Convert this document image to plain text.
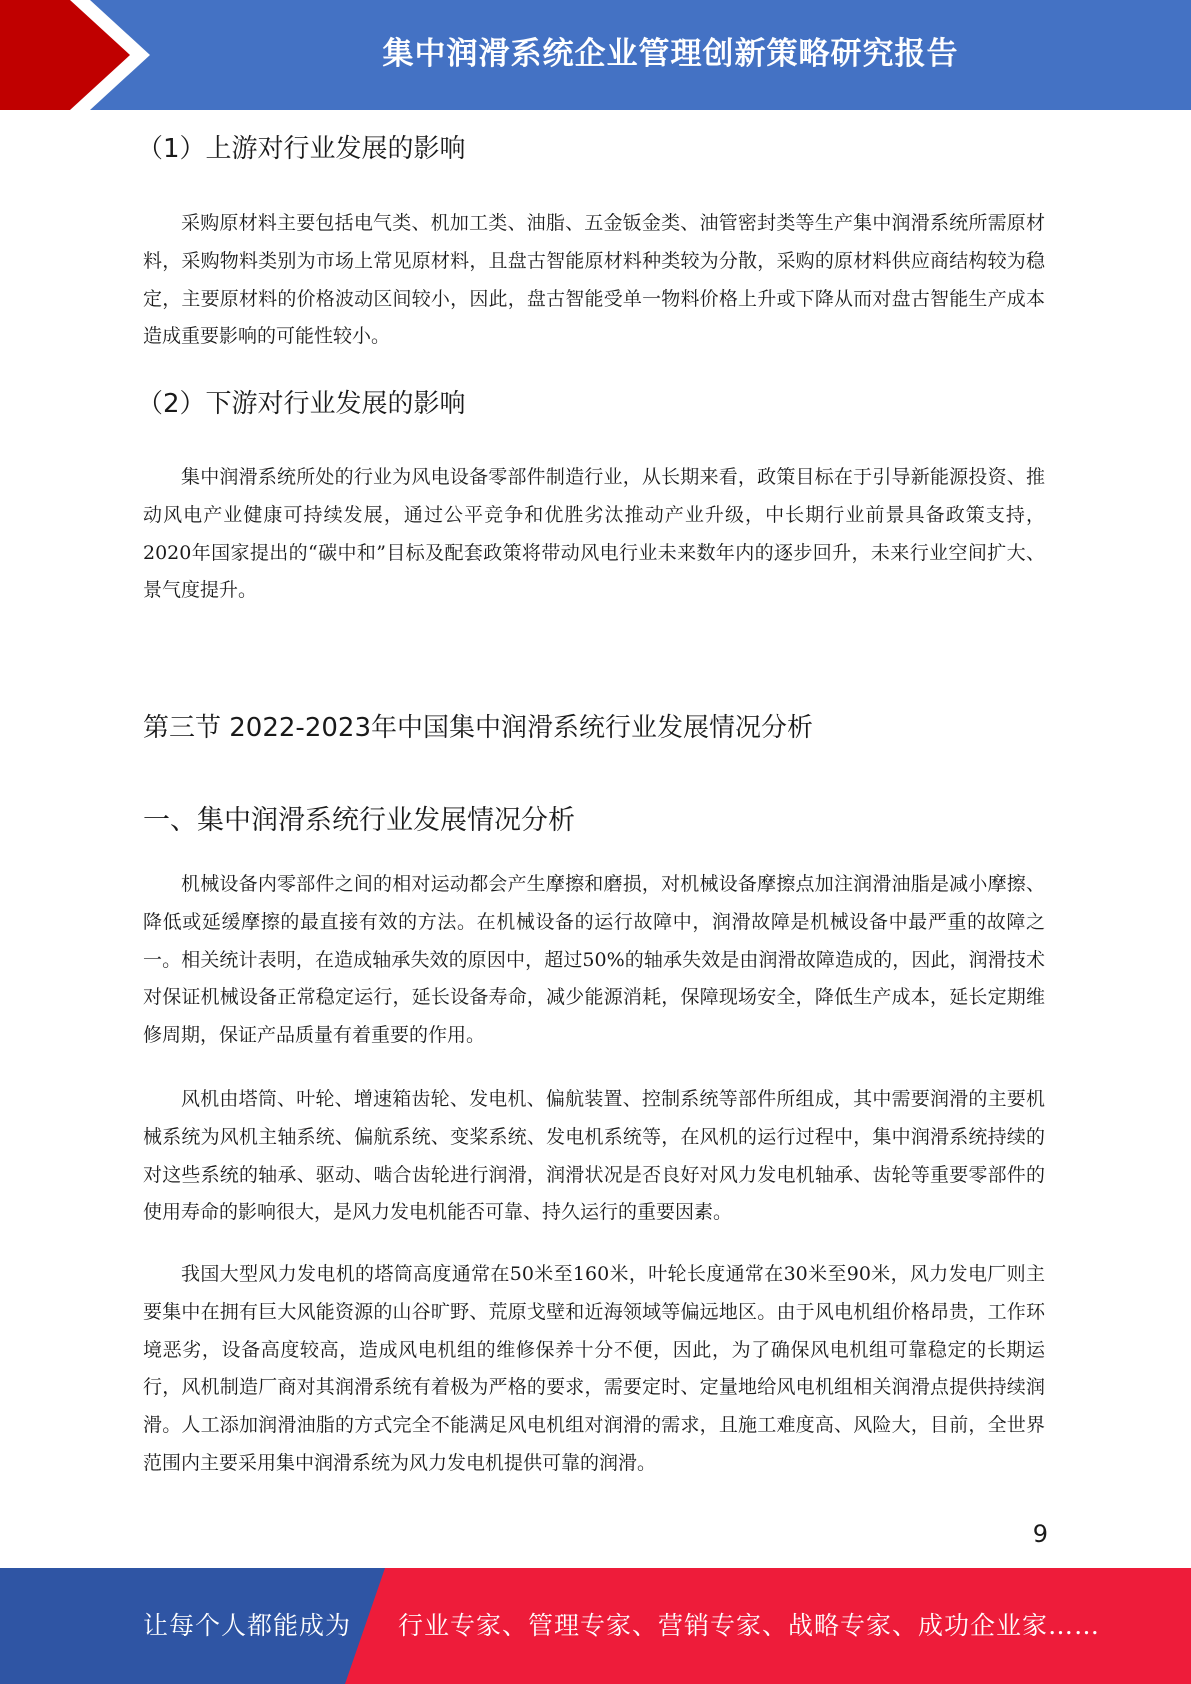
集中润滑系统企业管理创新策略研究报告
（1）上游对行业发展的影响

采购原材料主要包括电气类、机加工类、油脂、五金钣金类、油管密封类等生产集中润滑系统所需原材料，采购物料类别为市场上常见原材料，且盘古智能原材料种类较为分散，采购的原材料供应商结构较为稳定，主要原材料的价格波动区间较小，因此，盘古智能受单一物料价格上升或下降从而对盘古智能生产成本造成重要影响的可能性较小。

（2）下游对行业发展的影响

集中润滑系统所处的行业为风电设备零部件制造行业，从长期来看，政策目标在于引导新能源投资、推动风电产业健康可持续发展，通过公平竞争和优胜劣汰推动产业升级，中长期行业前景具备政策支持，2020年国家提出的“碳中和”目标及配套政策将带动风电行业未来数年内的逐步回升，未来行业空间扩大、景气度提升。

第三节 2022-2023年中国集中润滑系统行业发展情况分析
一、集中润滑系统行业发展情况分析

机械设备内零部件之间的相对运动都会产生摩擦和磨损，对机械设备摩擦点加注润滑油脂是减小摩擦、降低或延缓摩擦的最直接有效的方法。在机械设备的运行故障中，润滑故障是机械设备中最严重的故障之一。相关统计表明，在造成轴承失效的原因中，超过50%的轴承失效是由润滑故障造成的，因此，润滑技术对保证机械设备正常稳定运行，延长设备寿命，减少能源消耗，保障现场安全，降低生产成本，延长定期维修周期，保证产品质量有着重要的作用。

风机由塔筒、叶轮、增速箱齿轮、发电机、偏航装置、控制系统等部件所组成，其中需要润滑的主要机械系统为风机主轴系统、偏航系统、变桨系统、发电机系统等，在风机的运行过程中，集中润滑系统持续的对这些系统的轴承、驱动、啮合齿轮进行润滑，润滑状况是否良好对风力发电机轴承、齿轮等重要零部件的使用寿命的影响很大，是风力发电机能否可靠、持久运行的重要因素。

我国大型风力发电机的塔筒高度通常在50米至160米，叶轮长度通常在30米至90米，风力发电厂则主要集中在拥有巨大风能资源的山谷旷野、荒原戈壁和近海领域等偏远地区。由于风电机组价格昂贵，工作环境恶劣，设备高度较高，造成风电机组的维修保养十分不便，因此，为了确保风电机组可靠稳定的长期运行，风机制造厂商对其润滑系统有着极为严格的要求，需要定时、定量地给风电机组相关润滑点提供持续润滑。人工添加润滑油脂的方式完全不能满足风电机组对润滑的需求，且施工难度高、风险大，目前，全世界范围内主要采用集中润滑系统为风力发电机提供可靠的润滑。

9
让每个人都能成为 行业专家、管理专家、营销专家、战略专家、成功企业家……
